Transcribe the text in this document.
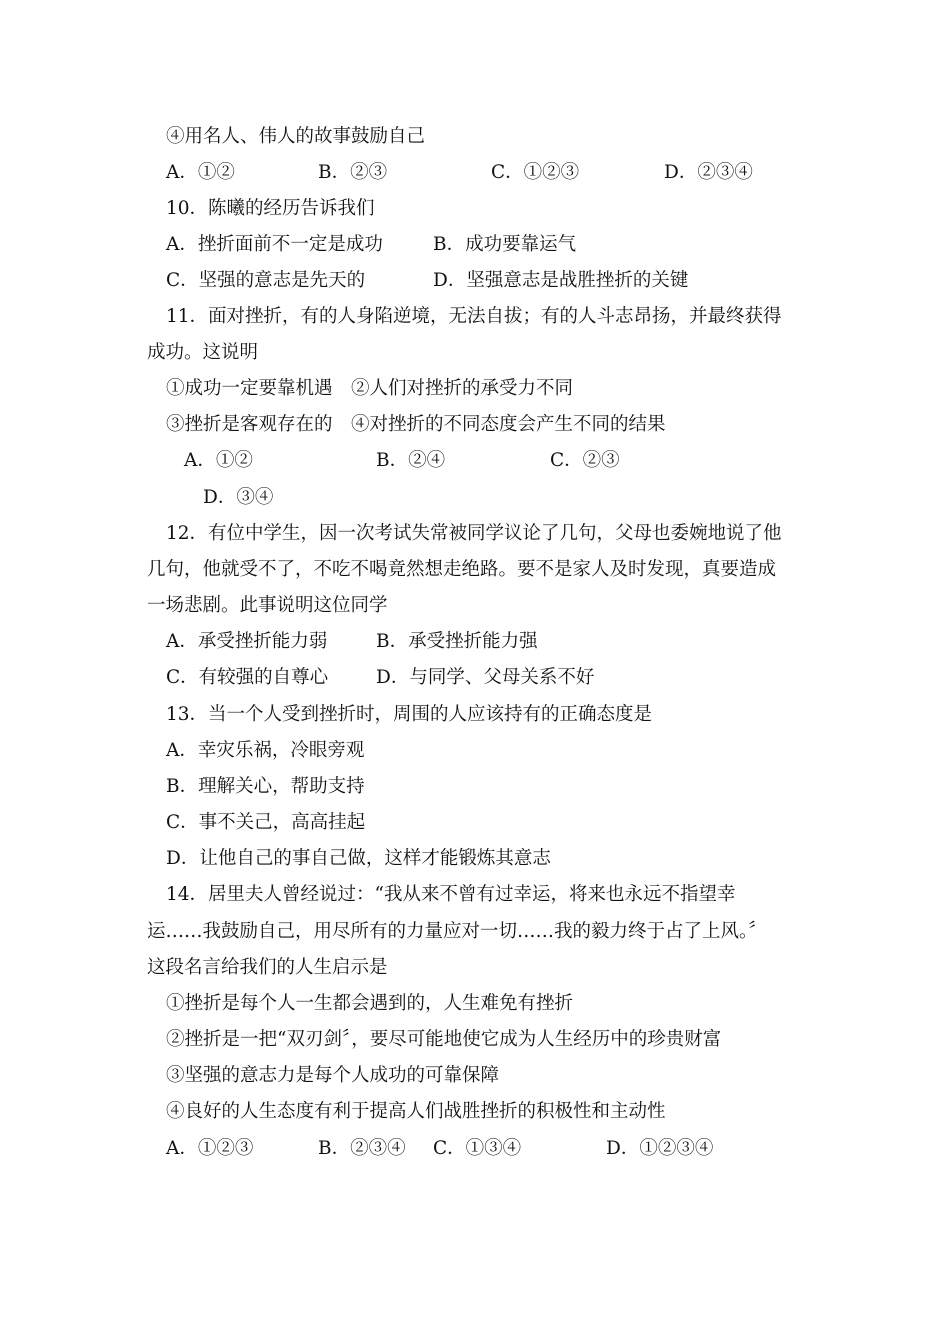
④用名人、伟人的故事鼓励自己
A．①②	B．②③	C．①②③	D．②③④
10．陈曦的经历告诉我们
A．挫折面前不一定是成功	B．成功要靠运气
C．坚强的意志是先天的	D．坚强意志是战胜挫折的关键
11．面对挫折，有的人身陷逆境，无法自拔；有的人斗志昂扬，并最终获得
成功。这说明
①成功一定要靠机遇　②人们对挫折的承受力不同
③挫折是客观存在的　④对挫折的不同态度会产生不同的结果
A．①②	B．②④	C．②③
D．③④
12．有位中学生，因一次考试失常被同学议论了几句，父母也委婉地说了他
几句，他就受不了，不吃不喝竟然想走绝路。要不是家人及时发现，真要造成
一场悲剧。此事说明这位同学
A．承受挫折能力弱	B．承受挫折能力强
C．有较强的自尊心	D．与同学、父母关系不好
13．当一个人受到挫折时，周围的人应该持有的正确态度是
A．幸灾乐祸，冷眼旁观
B．理解关心，帮助支持
C．事不关己，高高挂起
D．让他自己的事自己做，这样才能锻炼其意志
14．居里夫人曾经说过：“我从来不曾有过幸运，将来也永远不指望幸
运……我鼓励自己，用尽所有的力量应对一切……我的毅力终于占了上风。〞
这段名言给我们的人生启示是
①挫折是每个人一生都会遇到的，人生难免有挫折
②挫折是一把“双刃剑〞，要尽可能地使它成为人生经历中的珍贵财富
③坚强的意志力是每个人成功的可靠保障
④良好的人生态度有利于提高人们战胜挫折的积极性和主动性
A．①②③	B．②③④ C．①③④	D．①②③④
